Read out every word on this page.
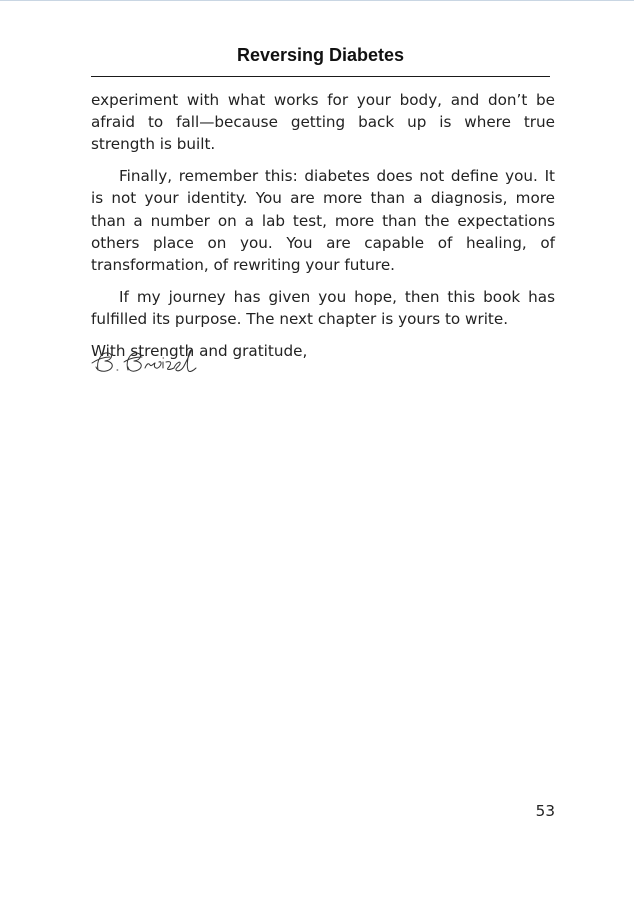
Reversing Diabetes

experiment with what works for your body, and don’t be afraid to fall—because getting back up is where true strength is built.

Finally, remember this: diabetes does not define you. It is not your identity. You are more than a diagnosis, more than a number on a lab test, more than the expectations others place on you. You are capable of healing, of transformation, of rewriting your future.

If my journey has given you hope, then this book has fulfilled its purpose. The next chapter is yours to write.

With strength and gratitude,

53
